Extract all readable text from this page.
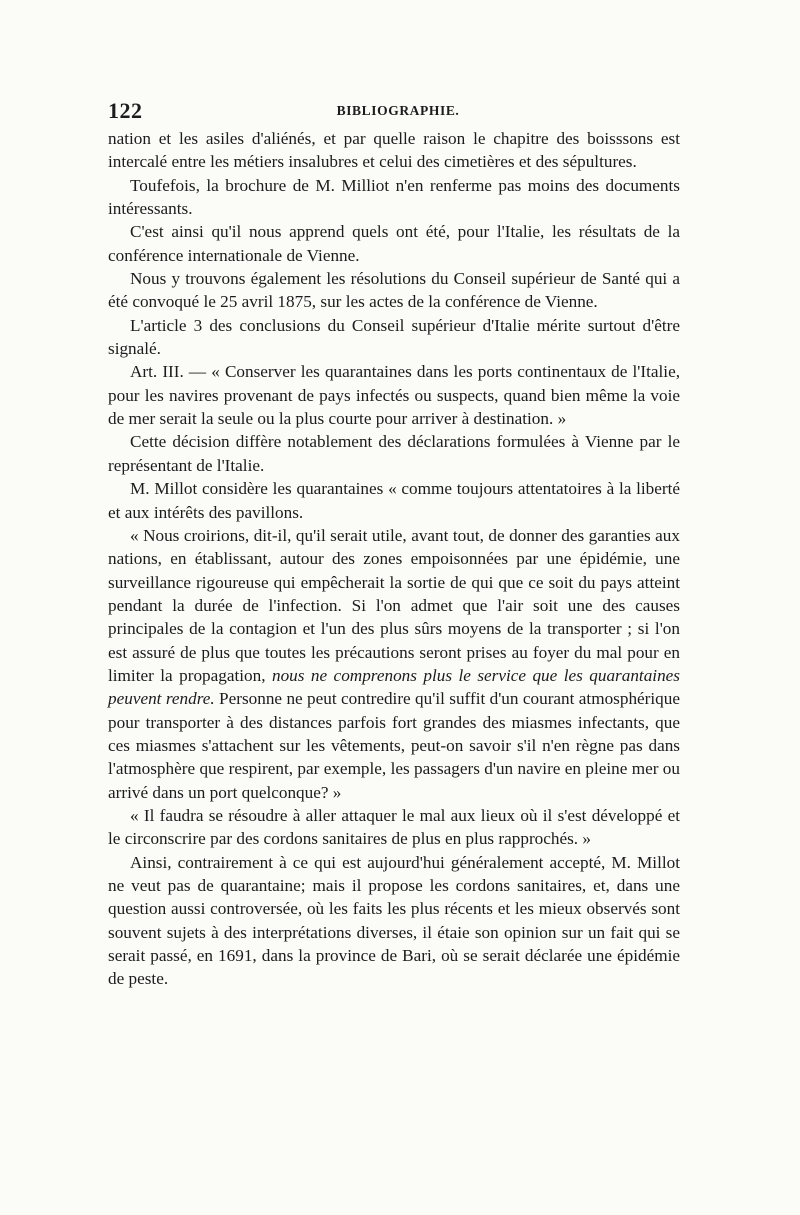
122	BIBLIOGRAPHIE.

nation et les asiles d'aliénés, et par quelle raison le chapitre des boisssons est intercalé entre les métiers insalubres et celui des cimetières et des sépultures.

Toufefois, la brochure de M. Milliot n'en renferme pas moins des documents intéressants.

C'est ainsi qu'il nous apprend quels ont été, pour l'Italie, les résultats de la conférence internationale de Vienne.

Nous y trouvons également les résolutions du Conseil supérieur de Santé qui a été convoqué le 25 avril 1875, sur les actes de la conférence de Vienne.

L'article 3 des conclusions du Conseil supérieur d'Italie mérite surtout d'être signalé.

Art. III. — « Conserver les quarantaines dans les ports continentaux de l'Italie, pour les navires provenant de pays infectés ou suspects, quand bien même la voie de mer serait la seule ou la plus courte pour arriver à destination. »

Cette décision diffère notablement des déclarations formulées à Vienne par le représentant de l'Italie.

M. Millot considère les quarantaines « comme toujours attentatoires à la liberté et aux intérêts des pavillons.

« Nous croirions, dit-il, qu'il serait utile, avant tout, de donner des garanties aux nations, en établissant, autour des zones empoisonnées par une épidémie, une surveillance rigoureuse qui empêcherait la sortie de qui que ce soit du pays atteint pendant la durée de l'infection. Si l'on admet que l'air soit une des causes principales de la contagion et l'un des plus sûrs moyens de la transporter ; si l'on est assuré de plus que toutes les précautions seront prises au foyer du mal pour en limiter la propagation, nous ne comprenons plus le service que les quarantaines peuvent rendre. Personne ne peut contredire qu'il suffit d'un courant atmosphérique pour transporter à des distances parfois fort grandes des miasmes infectants, que ces miasmes s'attachent sur les vêtements, peut-on savoir s'il n'en règne pas dans l'atmosphère que respirent, par exemple, les passagers d'un navire en pleine mer ou arrivé dans un port quelconque? »

« Il faudra se résoudre à aller attaquer le mal aux lieux où il s'est développé et le circonscrire par des cordons sanitaires de plus en plus rapprochés. »

Ainsi, contrairement à ce qui est aujourd'hui généralement accepté, M. Millot ne veut pas de quarantaine; mais il propose les cordons sanitaires, et, dans une question aussi controversée, où les faits les plus récents et les mieux observés sont souvent sujets à des interprétations diverses, il étaie son opinion sur un fait qui se serait passé, en 1691, dans la province de Bari, où se serait déclarée une épidémie de peste.
